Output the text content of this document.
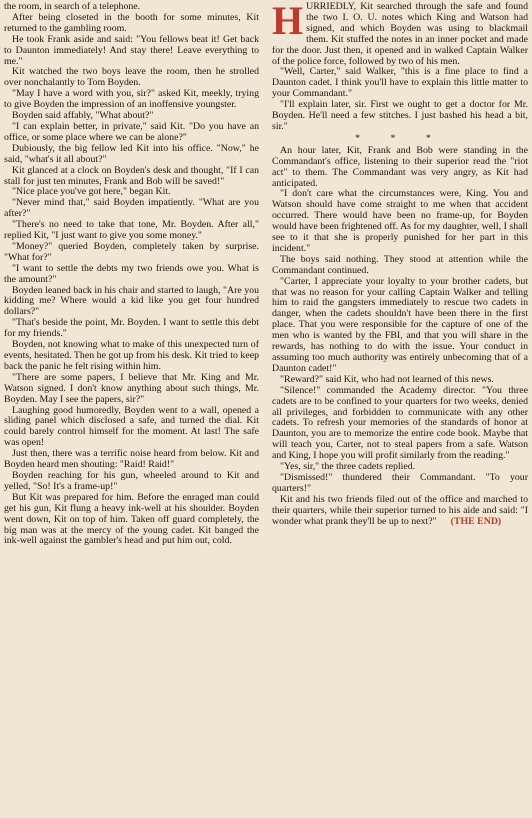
the room, in search of a telephone.

After being closeted in the booth for some minutes, Kit returned to the gambling room.

He took Frank aside and said: "You fellows beat it! Get back to Daunton immediately! And stay there! Leave everything to me."

Kit watched the two boys leave the room, then he strolled over nonchalantly to Tom Boyden.

"May I have a word with you, sir?" asked Kit, meekly, trying to give Boyden the impression of an inoffensive youngster.

Boyden said affably, "What about?"

"I can explain better, in private," said Kit. "Do you have an office, or some place where we can be alone?"

Dubiously, the big fellow led Kit into his office. "Now," he said, "what's it all about?"

Kit glanced at a clock on Boyden's desk and thought, "If I can stall for just ten minutes, Frank and Bob will be saved!"

"Nice place you've got here," began Kit.

"Never mind that," said Boyden impatiently. "What are you after?"

"There's no need to take that tone, Mr. Boyden. After all," replied Kit, "I just want to give you some money."

"Money?" queried Boyden, completely taken by surprise. "What for?"

"I want to settle the debts my two friends owe you. What is the amount?"

Boyden leaned back in his chair and started to laugh, "Are you kidding me? Where would a kid like you get four hundred dollars?"

"That's beside the point, Mr. Boyden. I want to settle this debt for my friends."

Boyden, not knowing what to make of this unexpected turn of events, hesitated. Then he got up from his desk. Kit tried to keep back the panic he felt rising within him.

"There are some papers, I believe that Mr. King and Mr. Watson signed. I don't know anything about such things, Mr. Boyden. May I see the papers, sir?"

Laughing good humoredly, Boyden went to a wall, opened a sliding panel which disclosed a safe, and turned the dial. Kit could barely control himself for the moment. At last! The safe was open!

Just then, there was a terrific noise heard from below. Kit and Boyden heard men shouting: "Raid! Raid!"

Boyden reaching for his gun, wheeled around to Kit and yelled, "So! It's a frame-up!"

But Kit was prepared for him. Before the enraged man could get his gun, Kit flung a heavy ink-well at his shoulder. Boyden went down, Kit on top of him. Taken off guard completely, the big man was at the mercy of the young cadet. Kit banged the ink-well against the gambler's head and put him out, cold.

HURRIEDLY, Kit searched through the safe and found the two I. O. U. notes which King and Watson had signed, and which Boyden was using to blackmail them. Kit stuffed the notes in an inner pocket and made for the door. Just then, it opened and in walked Captain Walker of the police force, followed by two of his men.

"Well, Carter," said Walker, "this is a fine place to find a Daunton cadet. I think you'll have to explain this little matter to your Commandant."

"I'll explain later, sir. First we ought to get a doctor for Mr. Boyden. He'll need a few stitches. I just bashed his head a bit, sir."

* * *

An hour later, Kit, Frank and Bob were standing in the Commandant's office, listening to their superior read the "riot act" to them. The Commandant was very angry, as Kit had anticipated.

"I don't care what the circumstances were, King. You and Watson should have come straight to me when that accident occurred. There would have been no frame-up, for Boyden would have been frightened off. As for my daughter, well, I shall see to it that she is properly punished for her part in this incident."

The boys said nothing. They stood at attention while the Commandant continued.

"Carter, I appreciate your loyalty to your brother cadets, but that was no reason for your calling Captain Walker and telling him to raid the gangsters immediately to rescue two cadets in danger, when the cadets shouldn't have been there in the first place. That you were responsible for the capture of one of the men who is wanted by the FBI, and that you will share in the rewards, has nothing to do with the issue. Your conduct in assuming too much authority was entirely unbecoming that of a Daunton cadet!"

"Reward?" said Kit, who had not learned of this news.

"Silence!" commanded the Academy director. "You three cadets are to be confined to your quarters for two weeks, denied all privileges, and forbidden to communicate with any other cadets. To refresh your memories of the standards of honor at Daunton, you are to memorize the entire code book. Maybe that will teach you, Carter, not to steal papers from a safe. Watson and King, I hope you will profit similarly from the reading."

"Yes, sir," the three cadets replied.

"Dismissed!" thundered their Commandant. "To your quarters!"

Kit and his two friends filed out of the office and marched to their quarters, while their superior turned to his aide and said: "I wonder what prank they'll be up to next?" (THE END)
